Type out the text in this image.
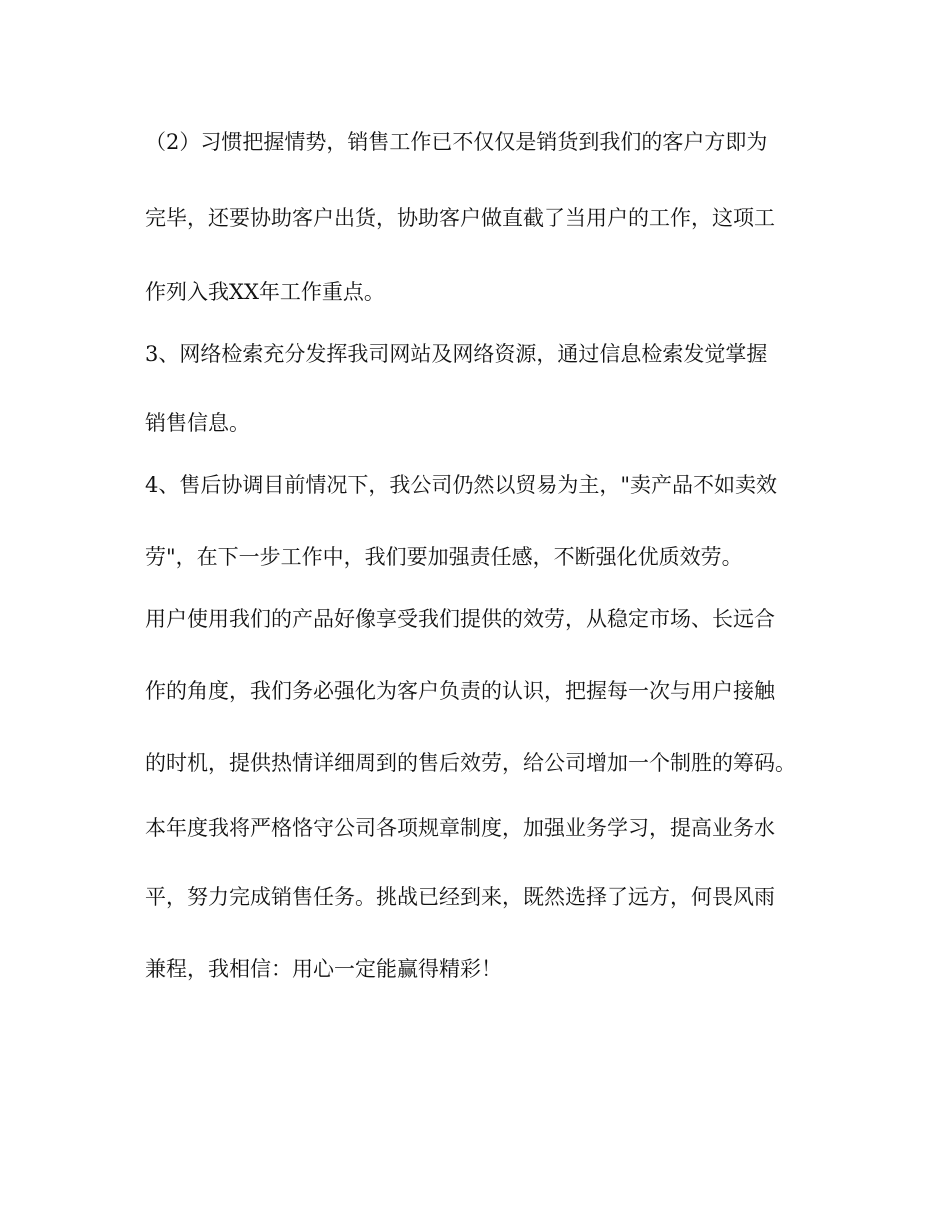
（2）习惯把握情势，销售工作已不仅仅是销货到我们的客户方即为

完毕，还要协助客户出货，协助客户做直截了当用户的工作，这项工

作列入我XX年工作重点。

3、网络检索充分发挥我司网站及网络资源，通过信息检索发觉掌握

销售信息。

4、售后协调目前情况下，我公司仍然以贸易为主，"卖产品不如卖效

劳"，在下一步工作中，我们要加强责任感，不断强化优质效劳。

用户使用我们的产品好像享受我们提供的效劳，从稳定市场、长远合

作的角度，我们务必强化为客户负责的认识，把握每一次与用户接触

的时机，提供热情详细周到的售后效劳，给公司增加一个制胜的筹码。

本年度我将严格恪守公司各项规章制度，加强业务学习，提高业务水

平，努力完成销售任务。挑战已经到来，既然选择了远方，何畏风雨

兼程，我相信：用心一定能赢得精彩！
